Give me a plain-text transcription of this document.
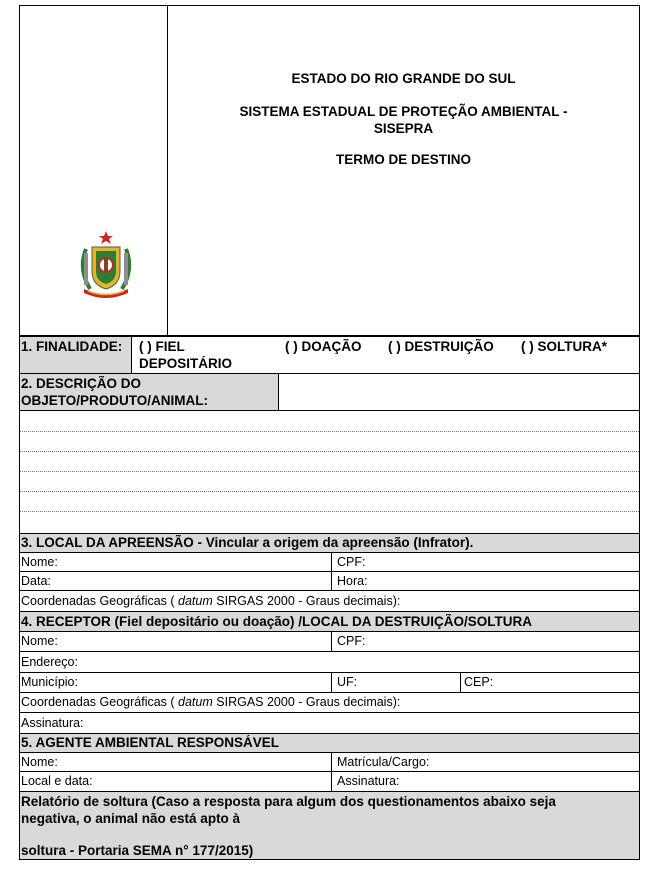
ESTADO DO RIO GRANDE DO SUL
SISTEMA ESTADUAL DE PROTEÇÃO AMBIENTAL -
SISEPRA
TERMO DE DESTINO
1. FINALIDADE: ( ) FIEL
DEPOSITÁRIO
( ) DOAÇÃO ( ) DESTRUIÇÃO ( ) SOLTURA*
2. DESCRIÇÃO DO
OBJETO/PRODUTO/ANIMAL:
3. LOCAL DA APREENSÃO - Vincular a origem da apreensão (Infrator).
Nome:	CPF:
Data:	Hora:
Coordenadas Geográficas ( datum SIRGAS 2000 - Graus decimais):
4. RECEPTOR (Fiel depositário ou doação) /LOCAL DA DESTRUIÇÃO/SOLTURA
Nome:	CPF:
Endereço:
Município:	UF:	CEP:
Coordenadas Geográficas ( datum SIRGAS 2000 - Graus decimais):
Assinatura:
5. AGENTE AMBIENTAL RESPONSÁVEL
Nome:	Matrícula/Cargo:
Local e data:	Assinatura:
Relatório de soltura (Caso a resposta para algum dos questionamentos abaixo seja
negativa, o animal não está apto à
soltura - Portaria SEMA n° 177/2015)
